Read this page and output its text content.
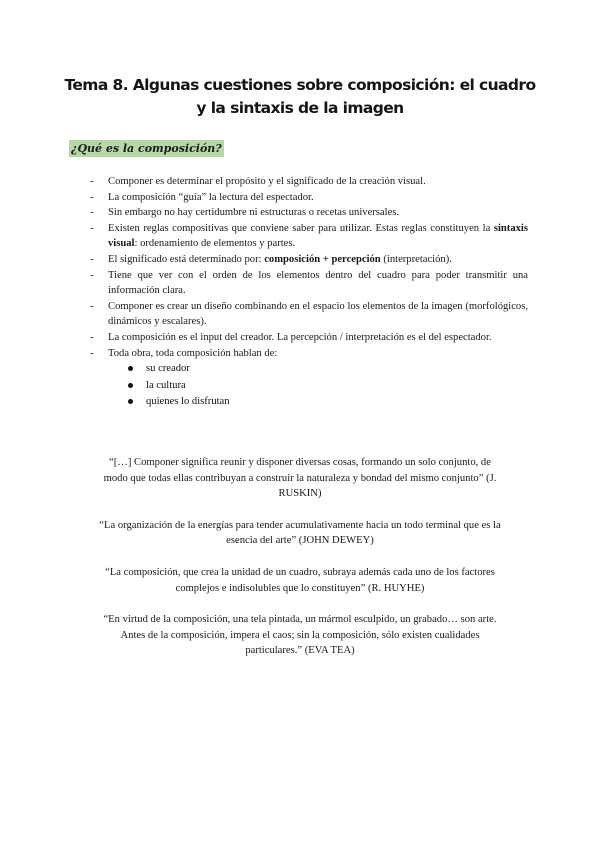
Tema 8. Algunas cuestiones sobre composición: el cuadro y la sintaxis de la imagen
¿Qué es la composición?
- Componer es determinar el propósito y el significado de la creación visual.
- La composición “guía” la lectura del espectador.
- Sin embargo no hay certidumbre ni estructuras o recetas universales.
- Existen reglas compositivas que conviene saber para utilizar. Estas reglas constituyen la sintaxis visual: ordenamiento de elementos y partes.
- El significado está determinado por: composición + percepción (interpretación).
- Tiene que ver con el orden de los elementos dentro del cuadro para poder transmitir una información clara.
- Componer es crear un diseño combinando en el espacio los elementos de la imagen (morfológicos, dinámicos y escalares).
- La composición es el input del creador. La percepción / interpretación es el del espectador.
- Toda obra, toda composición hablan de:
su creador
la cultura
quienes lo disfrutan
“[…] Componer significa reunir y disponer diversas cosas, formando un solo conjunto, de modo que todas ellas contribuyan a construir la naturaleza y bondad del mismo conjunto” (J. RUSKIN)
“La organización de la energías para tender acumulativamente hacia un todo terminal que es la esencia del arte” (JOHN DEWEY)
“La composición, que crea la unidad de un cuadro, subraya además cada uno de los factores complejos e indisolubles que lo constituyen” (R. HUYHE)
“En virtud de la composición, una tela pintada, un mármol esculpido, un grabado… son arte. Antes de la composición, impera el caos; sin la composición, sólo existen cualidades particulares.” (EVA TEA)
